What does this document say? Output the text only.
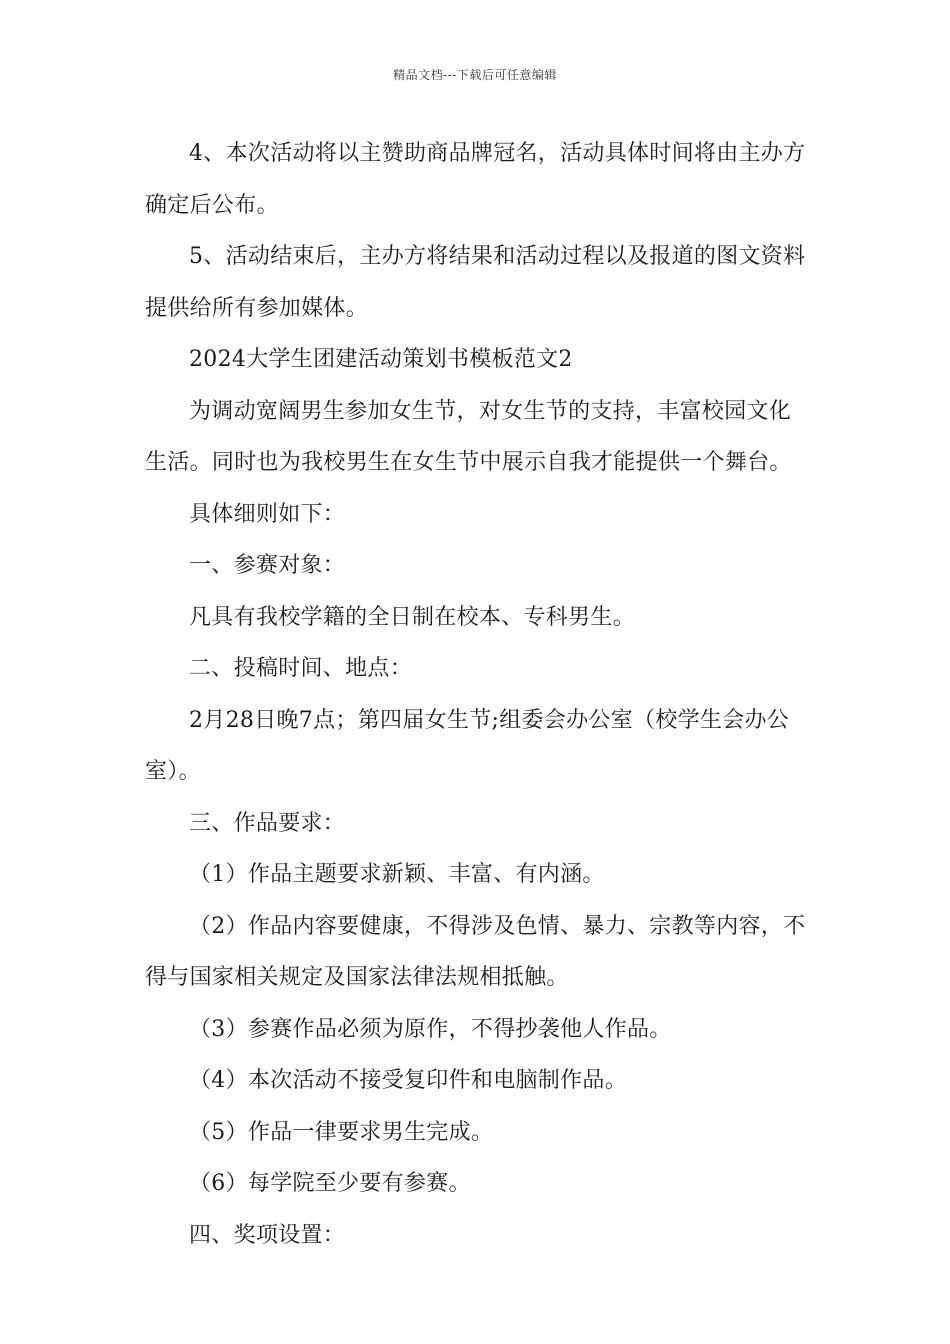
精品文档---下载后可任意编辑

4、本次活动将以主赞助商品牌冠名，活动具体时间将由主办方确定后公布。

5、活动结束后，主办方将结果和活动过程以及报道的图文资料提供给所有参加媒体。

2024大学生团建活动策划书模板范文2

为调动宽阔男生参加女生节，对女生节的支持，丰富校园文化生活。同时也为我校男生在女生节中展示自我才能提供一个舞台。

具体细则如下：

一、参赛对象：

凡具有我校学籍的全日制在校本、专科男生。

二、投稿时间、地点：

2月28日晚7点；第四届女生节;组委会办公室（校学生会办公室）。

三、作品要求：

（1）作品主题要求新颖、丰富、有内涵。

（2）作品内容要健康，不得涉及色情、暴力、宗教等内容，不得与国家相关规定及国家法律法规相抵触。

（3）参赛作品必须为原作，不得抄袭他人作品。

（4）本次活动不接受复印件和电脑制作品。

（5）作品一律要求男生完成。

（6）每学院至少要有参赛。

四、奖项设置：
